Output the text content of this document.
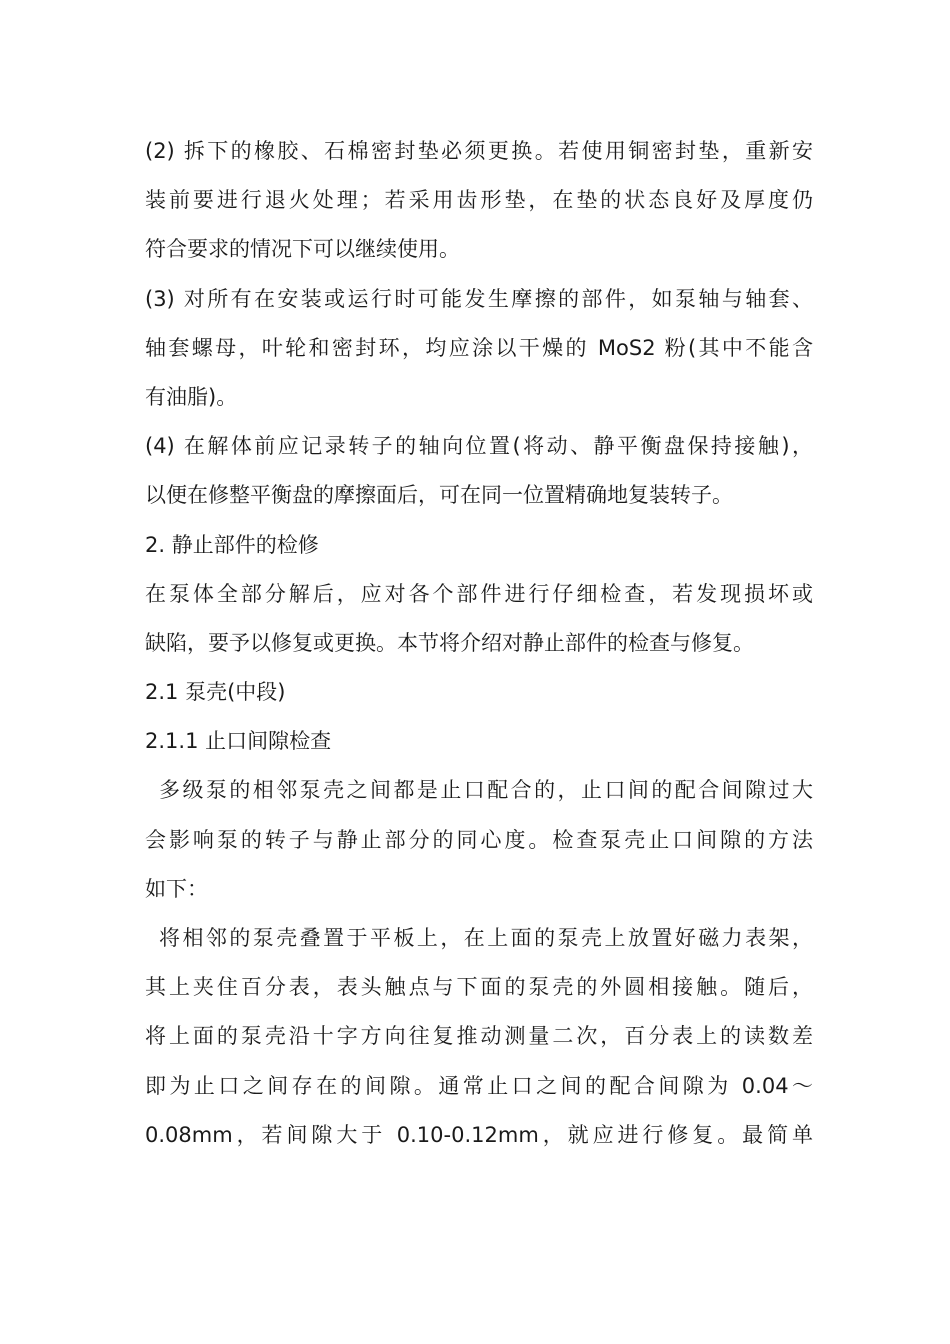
(2) 拆下的橡胶、石棉密封垫必须更换。若使用铜密封垫，重新安
装前要进行退火处理；若采用齿形垫，在垫的状态良好及厚度仍
符合要求的情况下可以继续使用。
(3) 对所有在安装或运行时可能发生摩擦的部件，如泵轴与轴套、
轴套螺母，叶轮和密封环，均应涂以干燥的 MoS2 粉(其中不能含
有油脂)。
(4) 在解体前应记录转子的轴向位置(将动、静平衡盘保持接触)，
以便在修整平衡盘的摩擦面后，可在同一位置精确地复装转子。
2. 静止部件的检修
在泵体全部分解后，应对各个部件进行仔细检查，若发现损坏或
缺陷，要予以修复或更换。本节将介绍对静止部件的检查与修复。
2.1 泵壳(中段)
2.1.1 止口间隙检查
多级泵的相邻泵壳之间都是止口配合的，止口间的配合间隙过大
会影响泵的转子与静止部分的同心度。检查泵壳止口间隙的方法
如下：
将相邻的泵壳叠置于平板上，在上面的泵壳上放置好磁力表架，
其上夹住百分表，表头触点与下面的泵壳的外圆相接触。随后，
将上面的泵壳沿十字方向往复推动测量二次，百分表上的读数差
即为止口之间存在的间隙。通常止口之间的配合间隙为 0.04～
0.08mm，若间隙大于 0.10-0.12mm，就应进行修复。最简单
